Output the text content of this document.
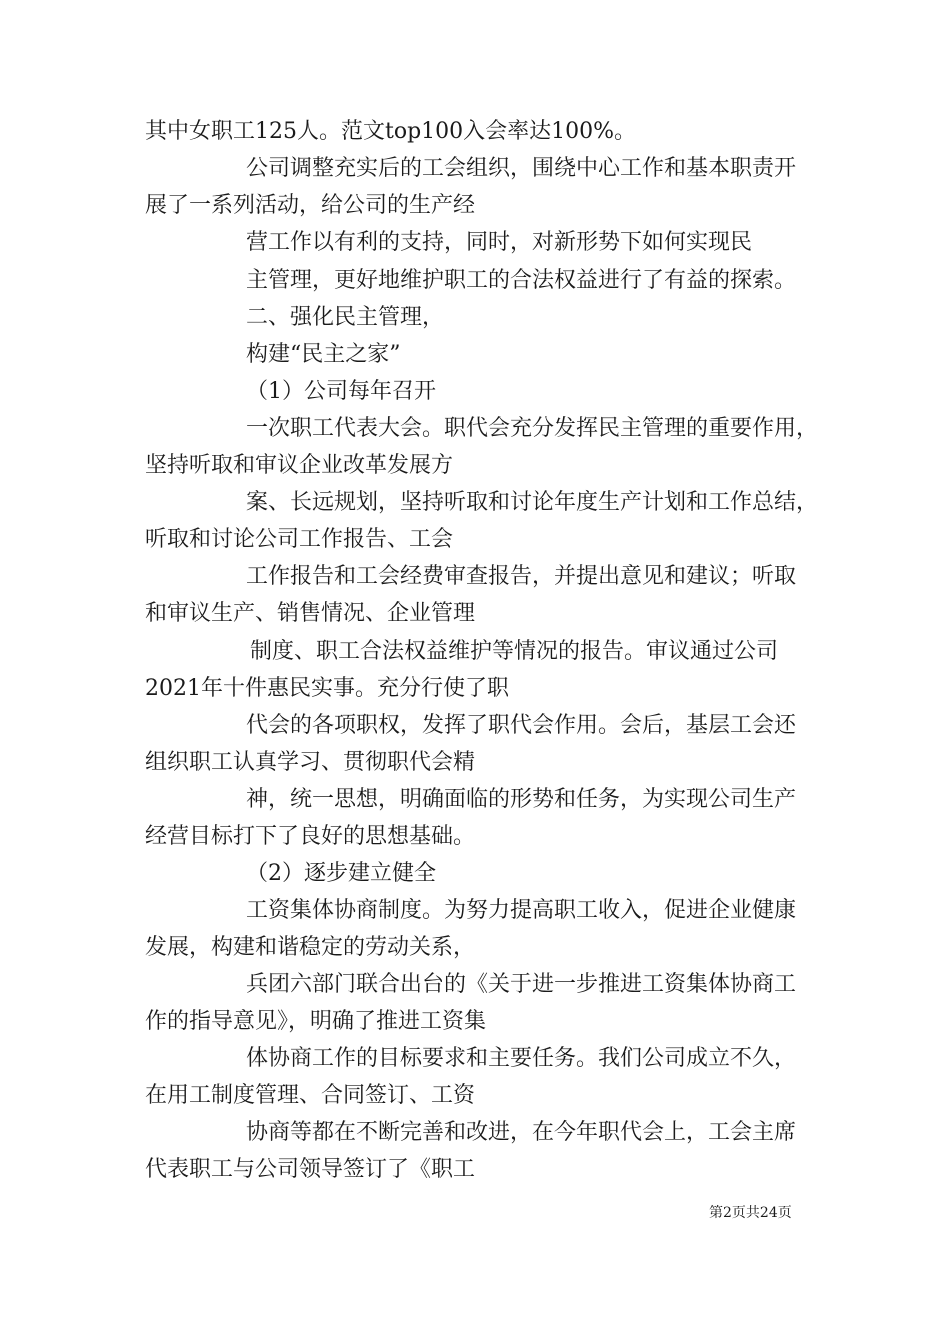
其中女职工125人。范文top100入会率达100%。

公司调整充实后的工会组织，围绕中心工作和基本职责开

展了一系列活动，给公司的生产经

营工作以有利的支持，同时，对新形势下如何实现民

主管理，更好地维护职工的合法权益进行了有益的探索。

二、强化民主管理，

构建“民主之家”

（1）公司每年召开

一次职工代表大会。职代会充分发挥民主管理的重要作用，

坚持听取和审议企业改革发展方

案、长远规划，坚持听取和讨论年度生产计划和工作总结，

听取和讨论公司工作报告、工会

工作报告和工会经费审查报告，并提出意见和建议；听取

和审议生产、销售情况、企业管理

制度、职工合法权益维护等情况的报告。审议通过公司

2021年十件惠民实事。充分行使了职

代会的各项职权，发挥了职代会作用。会后，基层工会还

组织职工认真学习、贯彻职代会精

神，统一思想，明确面临的形势和任务，为实现公司生产

经营目标打下了良好的思想基础。

（2）逐步建立健全

工资集体协商制度。为努力提高职工收入，促进企业健康

发展，构建和谐稳定的劳动关系，

兵团六部门联合出台的《关于进一步推进工资集体协商工

作的指导意见》，明确了推进工资集

体协商工作的目标要求和主要任务。我们公司成立不久，

在用工制度管理、合同签订、工资

协商等都在不断完善和改进，在今年职代会上，工会主席

代表职工与公司领导签订了《职工

第2页共24页
